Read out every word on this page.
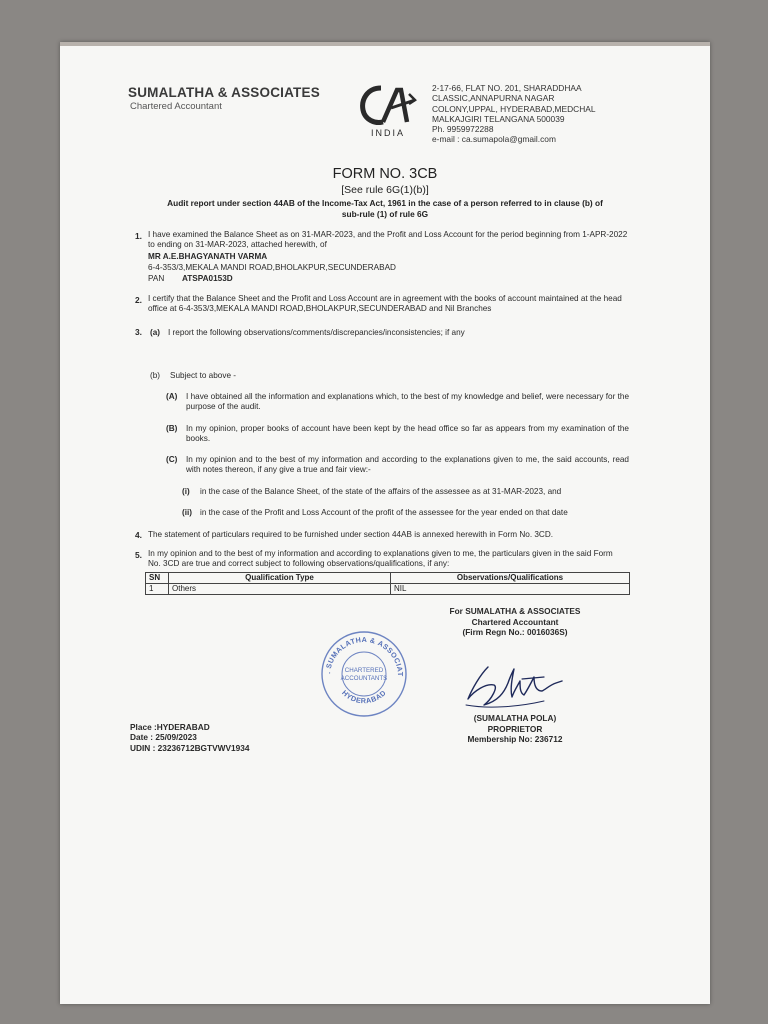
SUMALATHA & ASSOCIATES
Chartered Accountant
INDIA
2-17-66, FLAT NO. 201, SHARADDHAA
CLASSIC,ANNAPURNA NAGAR
COLONY,UPPAL, HYDERABAD,MEDCHAL
MALKAJGIRI TELANGANA 500039
Ph. 9959972288
e-mail : ca.sumapola@gmail.com
FORM NO. 3CB
[See rule 6G(1)(b)]
Audit report under section 44AB of the Income-Tax Act, 1961 in the case of a person referred to in clause (b) of sub-rule (1) of rule 6G
1. I have examined the Balance Sheet as on 31-MAR-2023, and the Profit and Loss Account for the period beginning from 1-APR-2022 to ending on 31-MAR-2023, attached herewith, of
MR A.E.BHAGYANATH VARMA
6-4-353/3,MEKALA MANDI ROAD,BHOLAKPUR,SECUNDERABAD
PAN ATSPA0153D
2. I certify that the Balance Sheet and the Profit and Loss Account are in agreement with the books of account maintained at the head office at 6-4-353/3,MEKALA MANDI ROAD,BHOLAKPUR,SECUNDERABAD and Nil Branches
3. (a) I report the following observations/comments/discrepancies/inconsistencies; if any
(b) Subject to above -
(A) I have obtained all the information and explanations which, to the best of my knowledge and belief, were necessary for the purpose of the audit.
(B) In my opinion, proper books of account have been kept by the head office so far as appears from my examination of the books.
(C) In my opinion and to the best of my information and according to the explanations given to me, the said accounts, read with notes thereon, if any give a true and fair view:-
(i) in the case of the Balance Sheet, of the state of the affairs of the assessee as at 31-MAR-2023, and
(ii) in the case of the Profit and Loss Account of the profit of the assessee for the year ended on that date
4. The statement of particulars required to be furnished under section 44AB is annexed herewith in Form No. 3CD.
5. In my opinion and to the best of my information and according to explanations given to me, the particulars given in the said Form No. 3CD are true and correct subject to following observations/qualifications, if any:
SN	Qualification Type	Observations/Qualifications
1	Others	NIL
For SUMALATHA & ASSOCIATES
Chartered Accountant
(Firm Regn No.: 0016036S)
. SUMALATHA & ASSOCIAT
HYDERABAD
CHARTERED
ACCOUNTANTS
(SUMALATHA POLA)
PROPRIETOR
Membership No: 236712
Place :HYDERABAD
Date : 25/09/2023
UDIN : 23236712BGTVWV1934
